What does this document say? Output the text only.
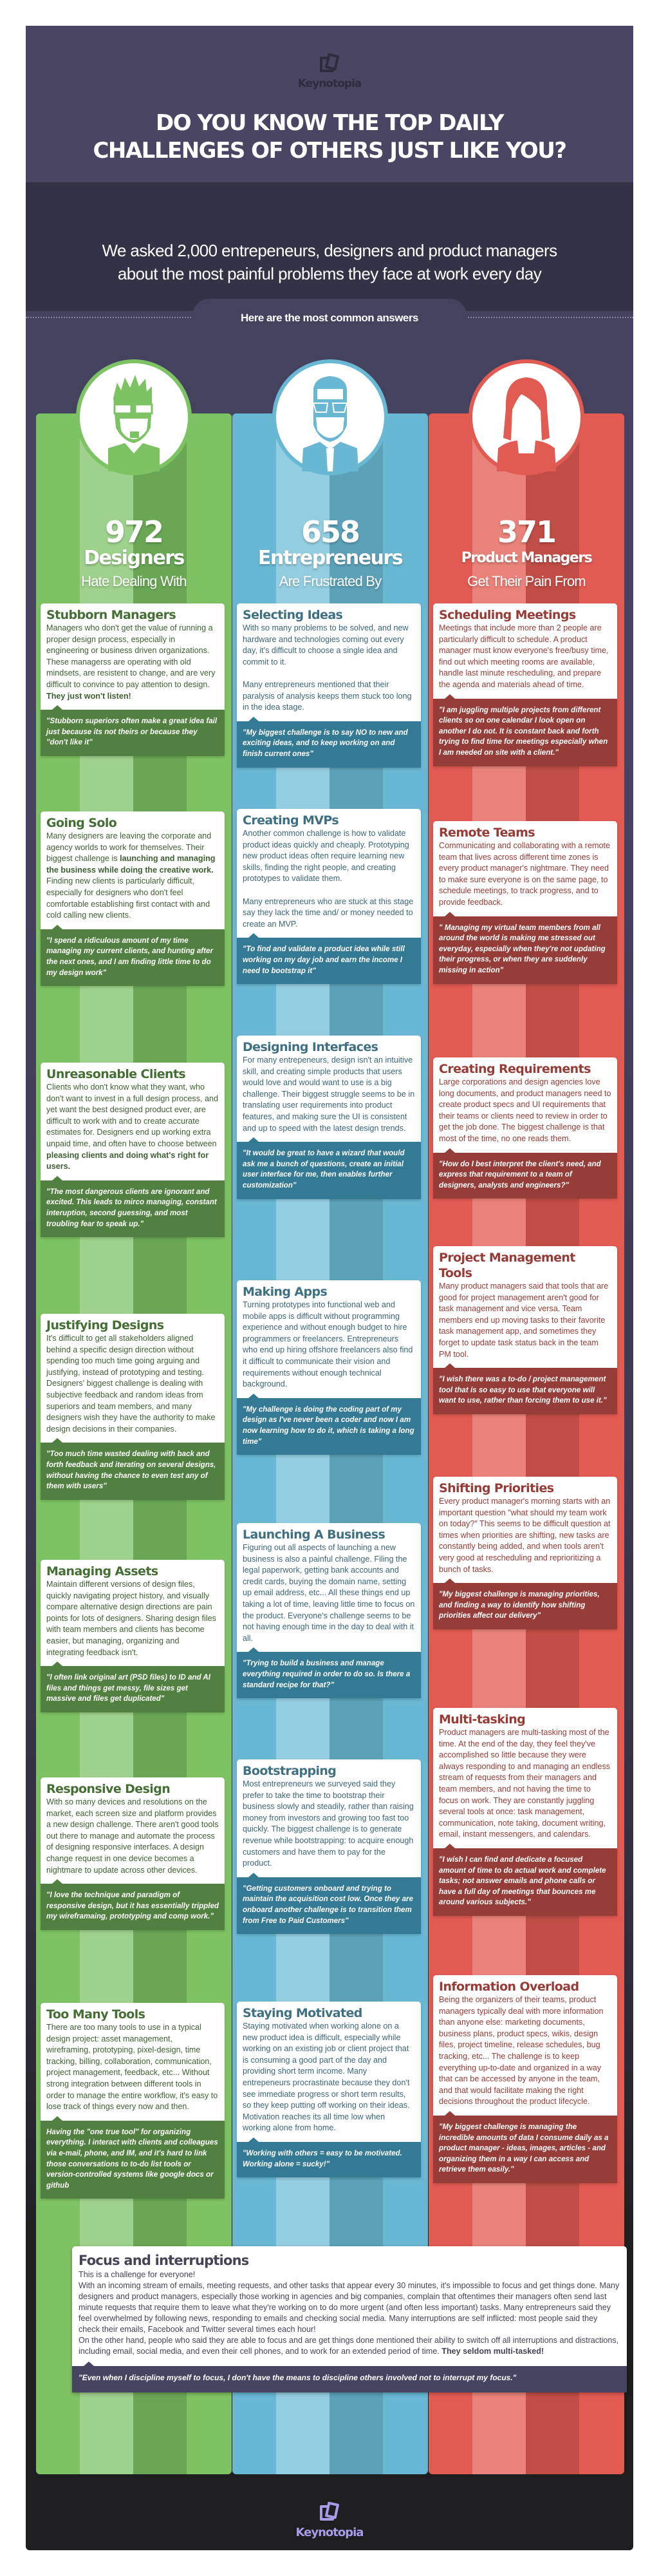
Keynotopia
DO YOU KNOW THE TOP DAILY
CHALLENGES OF OTHERS JUST LIKE YOU?
We asked 2,000 entrepeneurs, designers and product managers
about the most painful problems they face at work every day
Here are the most common answers
972
Designers
Hate Dealing With
Stubborn Managers

Managers who don't get the value of running a proper design process, especially in engineering or business driven organizations. These managerss are operating with old mindsets, are resistent to change, and are very difficult to convince to pay attention to design.
They just won't listen!

"Stubborn superiors often make a great idea fail just because its not theirs or because they "don't like it"
Going Solo

Many designers are leaving the corporate and agency worlds to work for themselves. Their biggest challenge is launching and managing the business while doing the creative work. Finding new clients is particularly difficult, especially for designers who don't feel comfortable establishing first contact with and cold calling new clients.

"I spend a ridiculous amount of my time managing my current clients, and hunting after the next ones, and I am finding little time to do my design work"
Unreasonable Clients

Clients who don't know what they want, who don't want to invest in a full design process, and yet want the best designed product ever, are difficult to work with and to create accurate estimates for. Designers end up working extra unpaid time, and often have to choose between pleasing clients and doing what's right for users.

"The most dangerous clients are ignorant and excited. This leads to mirco managing, constant interuption, second guessing, and most troubling fear to speak up."
Justifying Designs

It's difficult to get all stakeholders aligned behind a specific design direction without spending too much time going arguing and justifying, instead of prototyping and testing. Designers' biggest challenge is dealing with subjective feedback and random ideas from superiors and team members, and many designers wish they have the authority to make design decisions in their companies.

"Too much time wasted dealing with back and forth feedback and iterating on several designs, without having the chance to even test any of them with users"
Managing Assets

Maintain different versions of design files, quickly navigating project history, and visually compare alternative design directions are pain points for lots of designers. Sharing design files with team members and clients has become easier, but managing, organizing and integrating feedback isn't.

"I often link original art (PSD files) to ID and AI files and things get messy, file sizes get massive and files get duplicated"
Responsive Design

With so many devices and resolutions on the market, each screen size and platform provides a new design challenge. There aren't good tools out there to manage and automate the process of designing responsive interfaces. A design change request in one device becomes a nightmare to update across other devices.

"I love the technique and paradigm of responsive design, but it has essentially trippled my wireframaing, prototyping and comp work."
Too Many Tools

There are too many tools to use in a typical design project: asset management, wireframing, prototyping, pixel-design, time tracking, billing, collaboration, communication, project management, feedback, etc... Without strong integration between different tools in order to manage the entire workflow, it's easy to lose track of things every now and then.

Having the "one true tool" for organizing everything. I interact with clients and colleagues via e-mail, phone, and IM, and it's hard to link those conversations to to-do list tools or version-controlled systems like google docs or github
658
Entrepreneurs
Are Frustrated By
Selecting Ideas

With so many problems to be solved, and new hardware and technologies coming out every day, it's difficult to choose a single idea and commit to it.

Many entrepreneurs mentioned that their paralysis of analysis keeps them stuck too long in the idea stage.

"My biggest challenge is to say NO to new and exciting ideas, and to keep working on and finish current ones"
Creating MVPs

Another common challenge is how to validate product ideas quickly and cheaply. Prototyping new product ideas often require learning new skills, finding the right people, and creating prototypes to validate them.

Many entrepreneurs who are stuck at this stage say they lack the time and/ or money needed to create an MVP.

"To find and validate a product idea while still working on my day job and earn the income I need to bootstrap it"
Designing Interfaces

For many entrepeneurs, design isn't an intuitive skill, and creating simple products that users would love and would want to use is a big challenge. Their biggest struggle seems to be in translating user requirements into product features, and making sure the UI is consistent and up to speed with the latest design trends.

"It would be great to have a wizard that would ask me a bunch of questions, create an initial user interface for me, then enables further customization"
Making Apps

Turning prototypes into functional web and mobile apps is difficult without programming experience and without enough budget to hire programmers or freelancers. Entrepreneurs who end up hiring offshore freelancers also find it difficult to communicate their vision and requirements without enough technical background.

"My challenge is doing the coding part of my design as I've never been a coder and now I am now learning how to do it, which is taking a long time"
Launching A Business

Figuring out all aspects of launching a new business is also a painful challenge. Filing the legal paperwork, getting bank accounts and credit cards, buying the domain name, setting up email address, etc... All these things end up taking a lot of time, leaving little time to focus on the product. Everyone's challenge seems to be not having enough time in the day to deal with it all.

"Trying to build a business and manage everything required in order to do so. Is there a standard recipe for that?"
Bootstrapping

Most entrepreneurs we surveyed said they prefer to take the time to bootstrap their business slowly and steadily, rather than raising money from investors and growing too fast too quickly. The biggest challenge is to generate revenue while bootstrapping: to acquire enough customers and have them to pay for the product.

"Getting customers onboard and trying to maintain the acquisition cost low. Once they are onboard another challenge is to transition them from Free to Paid Customers"
Staying Motivated

Staying motivated when working alone on a new product idea is difficult, especially while working on an existing job or client project that is consuming a good part of the day and providing short term income. Many entrepeneurs procrastinate because they don't see immediate progress or short term results, so they keep putting off working on their ideas. Motivation reaches its all time low when working alone from home.

"Working with others = easy to be motivated. Working alone = sucky!"
371
Product Managers
Get Their Pain From
Scheduling Meetings

Meetings that include more than 2 people are particularly difficult to schedule. A product manager must know everyone's free/busy time, find out which meeting rooms are available, handle last minute rescheduling, and prepare the agenda and materials ahead of time.

"I am juggling multiple projects from different clients so on one calendar I look open on another I do not. It is constant back and forth trying to find time for meetings especially when I am needed on site with a client."
Remote Teams

Communicating and collaborating with a remote team that lives across different time zones is every product manager's nightmare. They need to make sure everyone is on the same page, to schedule meetings, to track progress, and to provide feedback.

" Managing my virtual team members from all around the world is making me stressed out everyday, especially when they're not updating their progress, or when they are suddenly missing in action"
Creating Requirements

Large corporations and design agencies love long documents, and product managers need to create product specs and UI requirements that their teams or clients need to review in order to get the job done. The biggest challenge is that most of the time, no one reads them.

"How do I best interpret the client's need, and express that requirement to a team of designers, analysts and engineers?"
Project Management Tools

Many product managers said that tools that are good for project management aren't good for task management and vice versa. Team members end up moving tasks to their favorite task management app, and sometimes they forget to update task status back in the team PM tool.

"I wish there was a to-do / project management tool that is so easy to use that everyone will want to use, rather than forcing them to use it."
Shifting Priorities

Every product manager's morning starts with an important question "what should my team work on today?" This seems to be difficult question at times when priorities are shifting, new tasks are constantly being added, and when tools aren't very good at rescheduling and reprioritizing a bunch of tasks.

"My biggest challenge is managing priorities, and finding a way to identify how shifting priorities affect our delivery"
Multi-tasking

Product managers are multi-tasking most of the time. At the end of the day, they feel they've accomplished so little because they were always responding to and managing an endless stream of requests from their managers and team members, and not having the time to focus on work. They are constantly juggling several tools at once: task management, communication, note taking, document writing, email, instant messengers, and calendars.

"I wish I can find and dedicate a focused amount of time to do actual work and complete tasks; not answer emails and phone calls or have a full day of meetings that bounces me around various subjects."
Information Overload

Being the organizers of their teams, product managers typically deal with more information than anyone else: marketing documents, business plans, product specs, wikis, design files, project timeline, release schedules, bug tracking, etc... The challenge is to keep everything up-to-date and organized in a way that can be accessed by anyone in the team, and that would facilitate making the right decisions throughout the product lifecycle.

"My biggest challenge is managing the incredible amounts of data I consume daily as a product manager - ideas, images, articles - and organizing them in a way I can access and retrieve them easily."
Focus and interruptions

This is a challenge for everyone!
With an incoming stream of emails, meeting requests, and other tasks that appear every 30 minutes, it's impossible to focus and get things done. Many designers and product managers, especially those working in agencies and big companies, complain that oftentimes their managers often send last minute requests that require them to leave what they're working on to do more urgent (and often less important) tasks. Many entrepreneurs said they feel overwhelmed by following news, responding to emails and checking social media. Many interruptions are self inflicted: most people said they check their emails, Facebook and Twitter several times each hour!
On the other hand, people who said they are able to focus and are get things done mentioned their ability to switch off all interruptions and distractions, including email, social media, and even their cell phones, and to work for an extended period of time. They seldom multi-tasked!

"Even when I discipline myself to focus, I don't have the means to discipline others involved not to interrupt my focus."
Keynotopia
Designed in Apple Keynote using Keynotopia Templates
